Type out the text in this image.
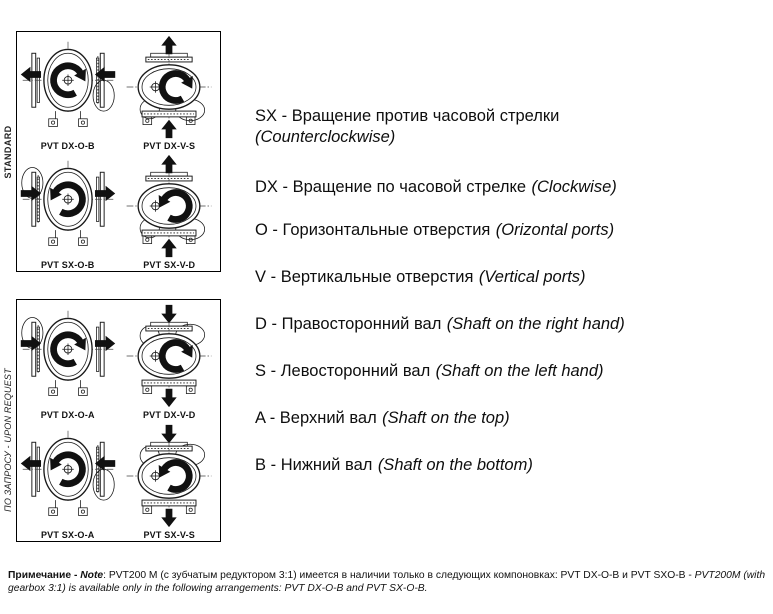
STANDARD	PVT DX-O-B	PVT DX-V-S
PVT SX-O-B	PVT SX-V-D
ПО ЗАПРОСУ - UPON REQUEST	PVT DX-O-A	PVT DX-V-D
PVT SX-O-A	PVT SX-V-S
SX - Вращение против часовой стрелки
(Counterclockwise)
DX - Вращение по часовой стрелке (Clockwise)
O - Горизонтальные отверстия (Orizontal ports)
V - Вертикальные отверстия (Vertical ports)
D - Правосторонний вал (Shaft on the right hand)
S - Левосторонний вал (Shaft on the left hand)
A - Верхний вал (Shaft on the top)
B - Нижний вал (Shaft on the bottom)
Примечание - Note: PVT200 M (с зубчатым редуктором 3:1) имеется в наличии только в следующих компоновках: PVT DX-O-B и PVT SXO-B - PVT200M (with gearbox 3:1) is available only in the following arrangements: PVT DX-O-B and PVT SX-O-B.
